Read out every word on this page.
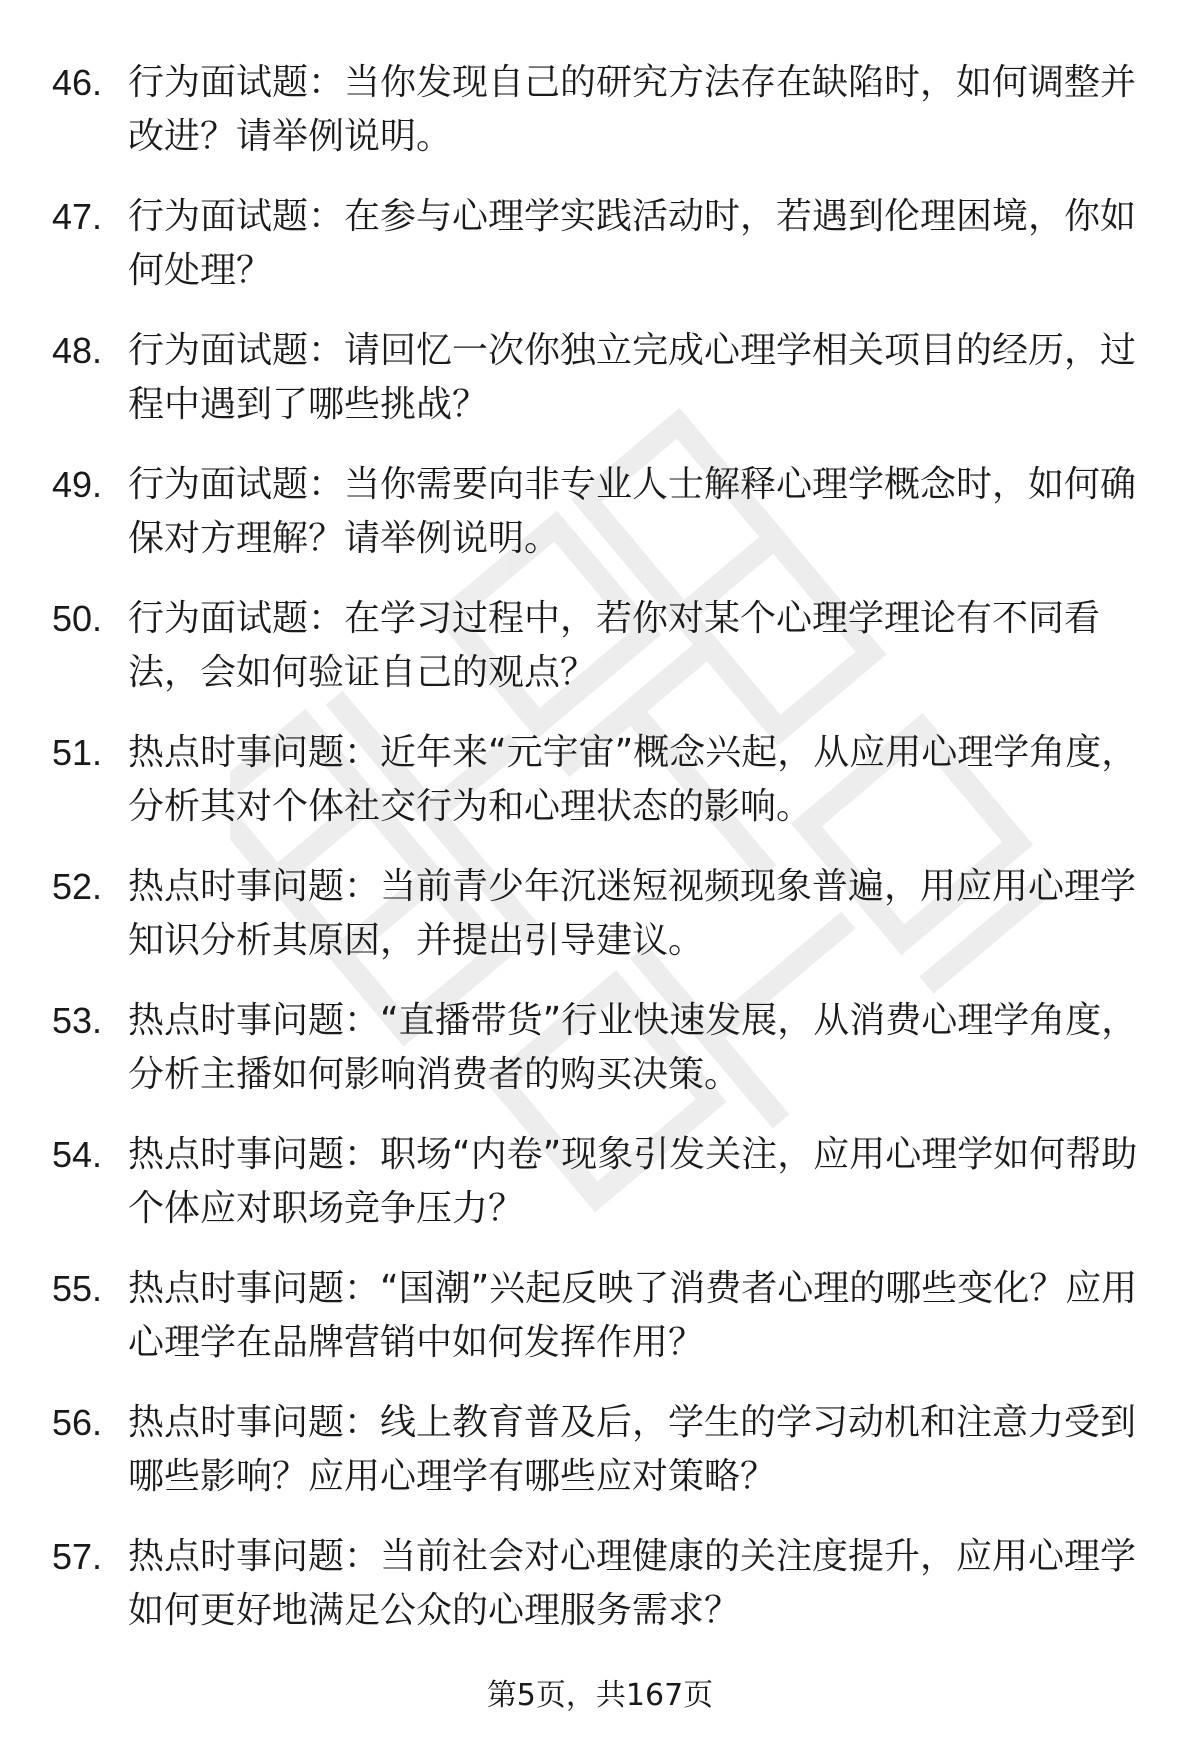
46. 行为面试题：当你发现自己的研究方法存在缺陷时，如何调整并改进？请举例说明。
47. 行为面试题：在参与心理学实践活动时，若遇到伦理困境，你如何处理？
48. 行为面试题：请回忆一次你独立完成心理学相关项目的经历，过程中遇到了哪些挑战？
49. 行为面试题：当你需要向非专业人士解释心理学概念时，如何确保对方理解？请举例说明。
50. 行为面试题：在学习过程中，若你对某个心理学理论有不同看法，会如何验证自己的观点？
51. 热点时事问题：近年来“元宇宙”概念兴起，从应用心理学角度，分析其对个体社交行为和心理状态的影响。
52. 热点时事问题：当前青少年沉迷短视频现象普遍，用应用心理学知识分析其原因，并提出引导建议。
53. 热点时事问题：“直播带货”行业快速发展，从消费心理学角度，分析主播如何影响消费者的购买决策。
54. 热点时事问题：职场“内卷”现象引发关注，应用心理学如何帮助个体应对职场竞争压力？
55. 热点时事问题：“国潮”兴起反映了消费者心理的哪些变化？应用心理学在品牌营销中如何发挥作用？
56. 热点时事问题：线上教育普及后，学生的学习动机和注意力受到哪些影响？应用心理学有哪些应对策略？
57. 热点时事问题：当前社会对心理健康的关注度提升，应用心理学如何更好地满足公众的心理服务需求？
第5页，共167页
